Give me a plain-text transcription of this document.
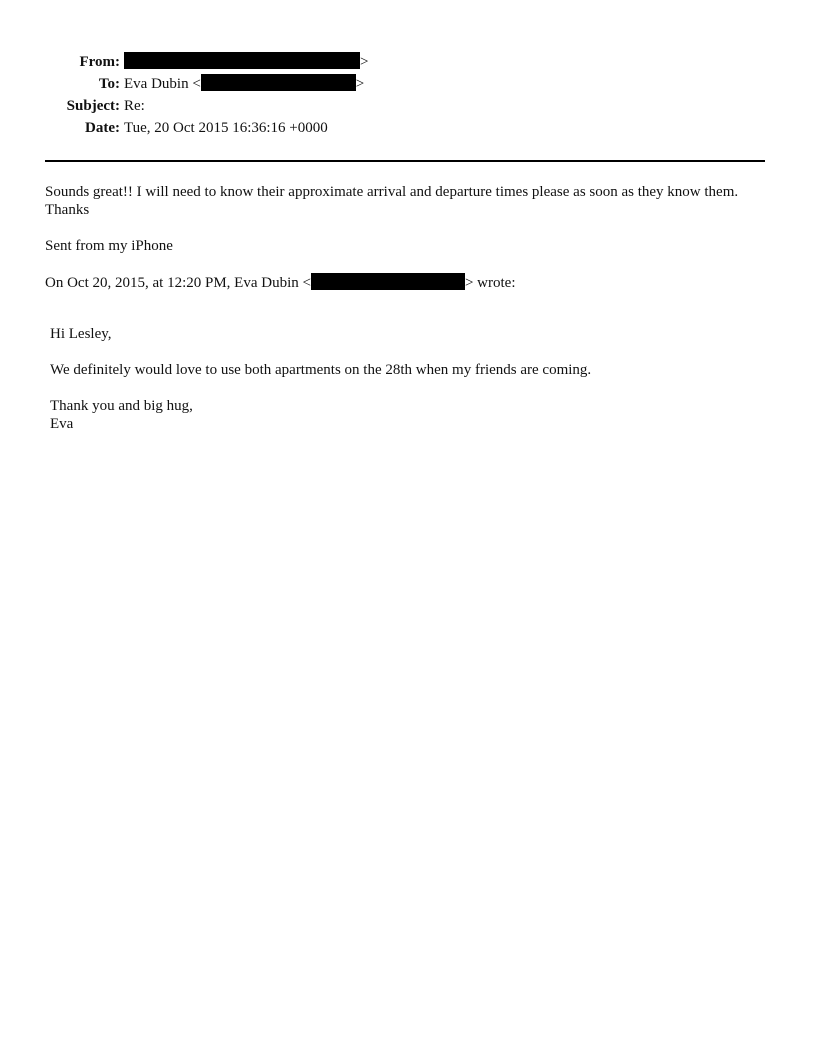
From:	>
To: Eva Dubin <	>
Subject: Re:
Date: Tue, 20 Oct 2015 16:36:16 +0000

Sounds great!! I will need to know their approximate arrival and departure times please as soon as they know them. Thanks

Sent from my iPhone

On Oct 20, 2015, at 12:20 PM, Eva Dubin <	> wrote:

Hi Lesley,

We definitely would love to use both apartments on the 28th when my friends are coming.

Thank you and big hug,

Eva
